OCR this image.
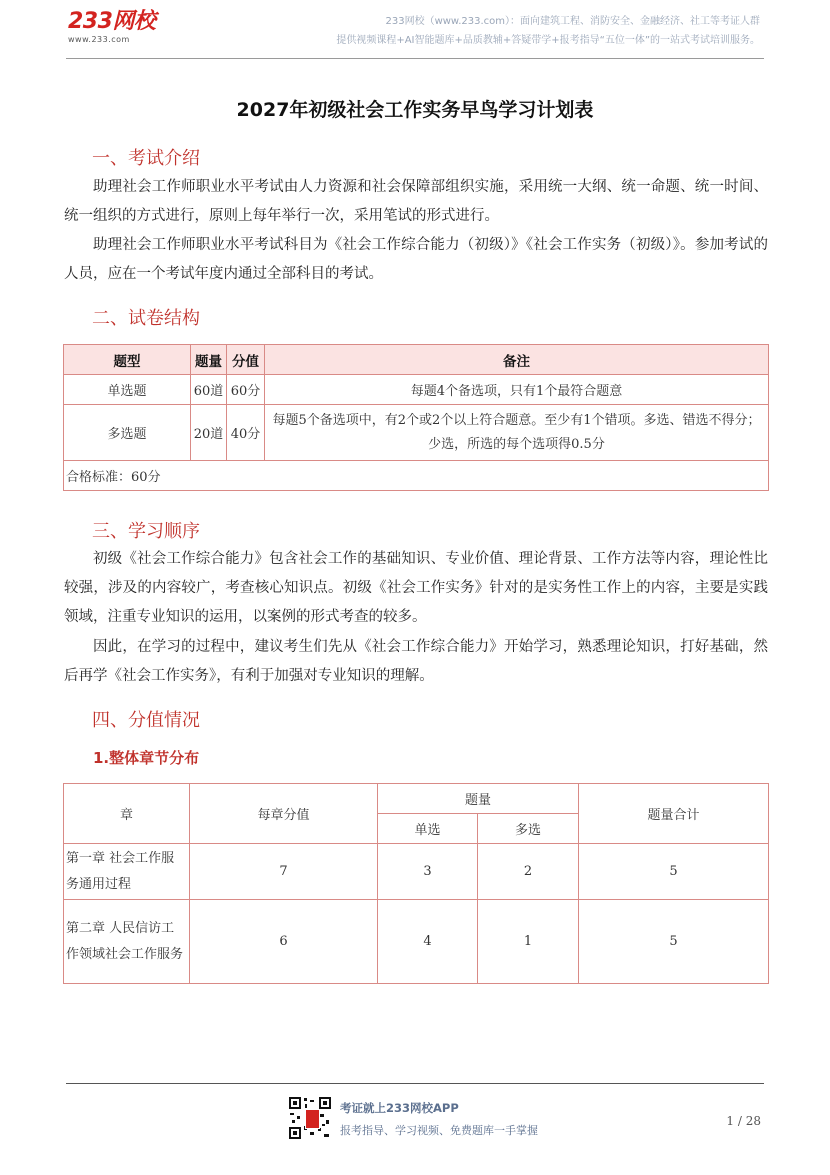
233网校
www.233.com
233网校（www.233.com）：面向建筑工程、消防安全、金融经济、社工等考证人群
提供视频课程+AI智能题库+品质教辅+答疑带学+报考指导“五位一体”的一站式考试培训服务。
2027年初级社会工作实务早鸟学习计划表
一、考试介绍

助理社会工作师职业水平考试由人力资源和社会保障部组织实施，采用统一大纲、统一命题、统一时间、统一组织的方式进行，原则上每年举行一次，采用笔试的形式进行。

助理社会工作师职业水平考试科目为《社会工作综合能力（初级）》《社会工作实务（初级）》。参加考试的人员，应在一个考试年度内通过全部科目的考试。

二、试卷结构
题型	题量	分值	备注
单选题	60道	60分	每题4个备选项，只有1个最符合题意
多选题	20道	40分	每题5个备选项中，有2个或2个以上符合题意。至少有1个错项。多选、错选不得分；少选，所选的每个选项得0.5分
合格标准：60分			
三、学习顺序

初级《社会工作综合能力》包含社会工作的基础知识、专业价值、理论背景、工作方法等内容，理论性比较强，涉及的内容较广，考查核心知识点。初级《社会工作实务》针对的是实务性工作上的内容，主要是实践领域，注重专业知识的运用，以案例的形式考查的较多。

因此，在学习的过程中，建议考生们先从《社会工作综合能力》开始学习，熟悉理论知识，打好基础，然后再学《社会工作实务》，有利于加强对专业知识的理解。

四、分值情况
1.整体章节分布
章	每章分值	题量		题量合计
		单选	多选	
第一章 社会工作服务通用过程	7	3	2	5
第二章 人民信访工作领域社会工作服务	6	4	1	5
考证就上233网校APP
报考指导、学习视频、免费题库一手掌握
1 / 28
